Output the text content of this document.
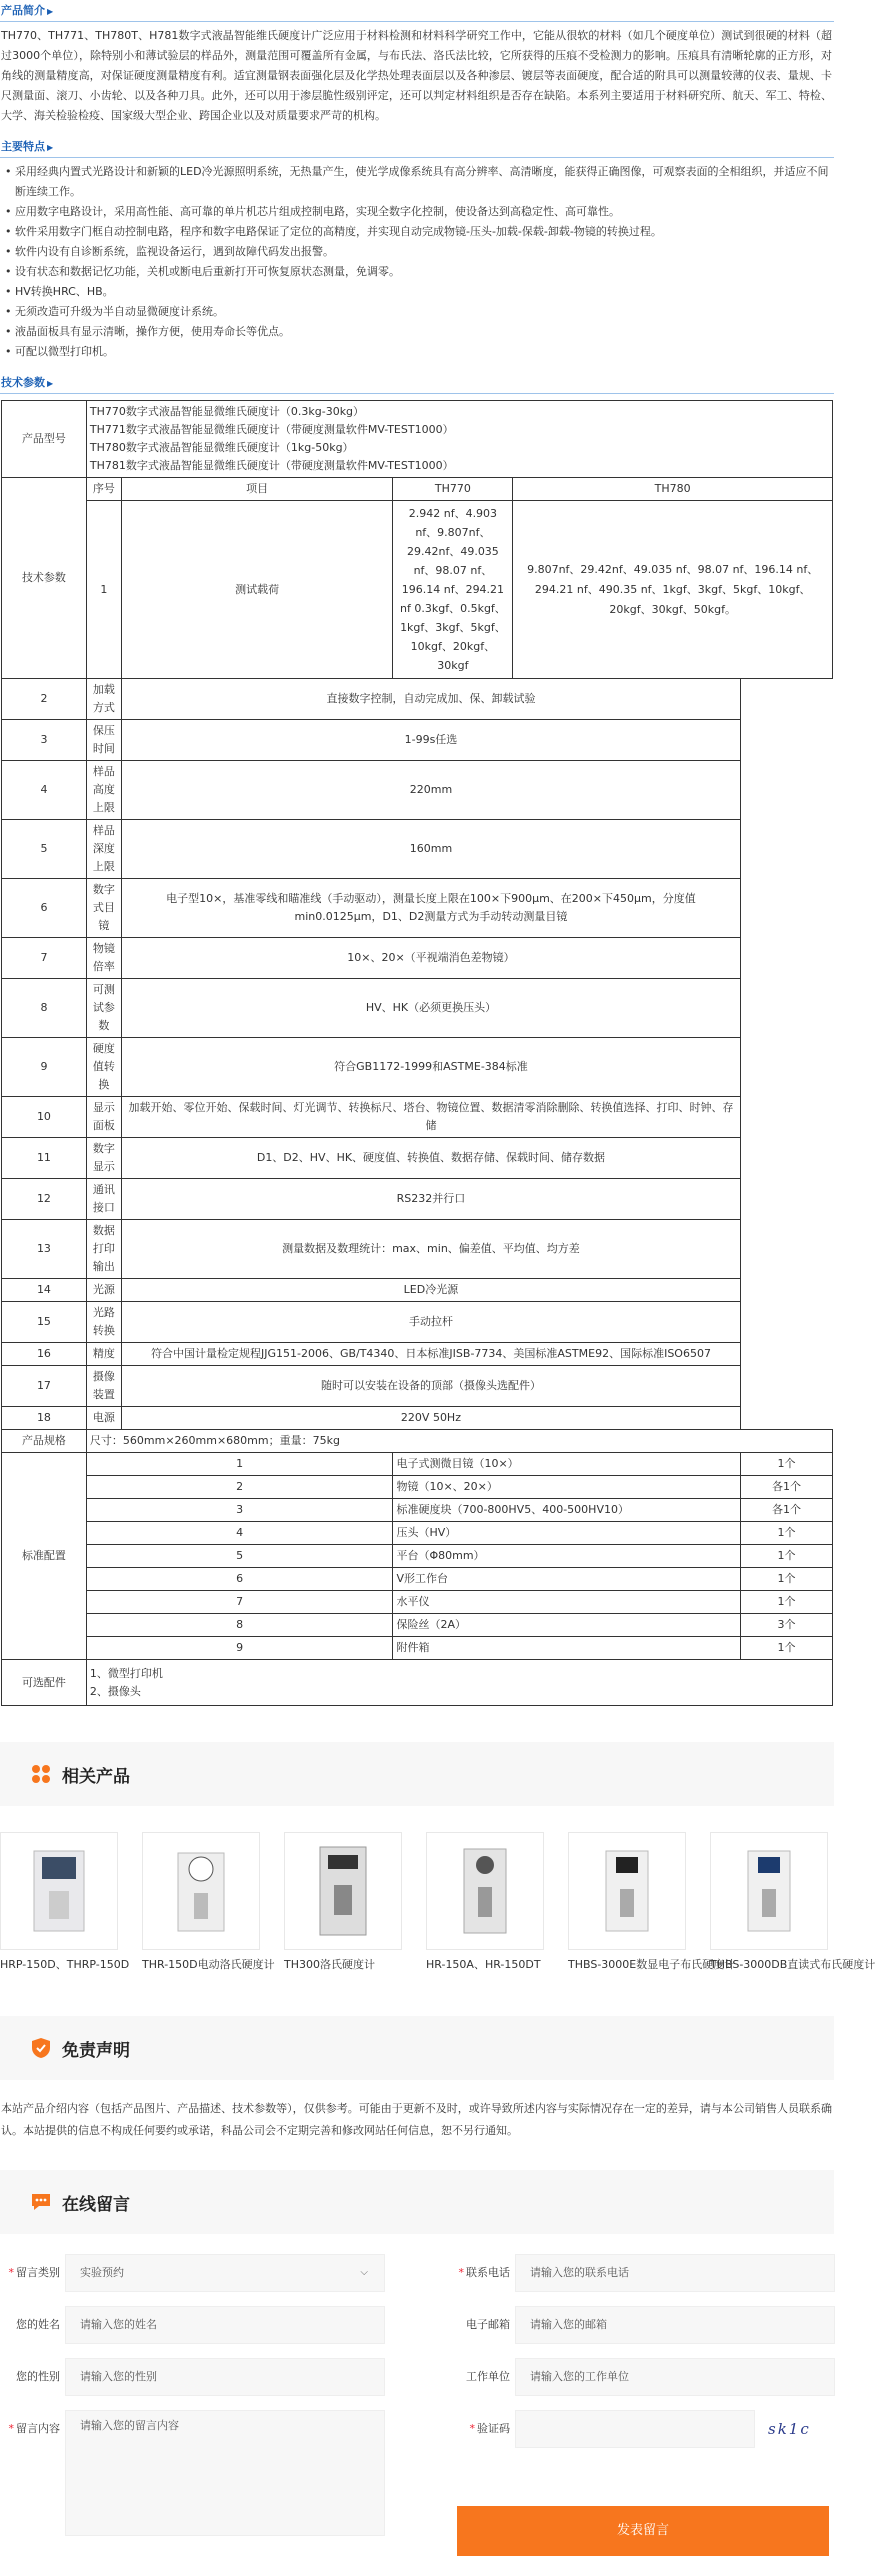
产品简介 ▶

TH770、TH771、TH780T、H781数字式液晶智能维氏硬度计广泛应用于材料检测和材料科学研究工作中，它能从很软的材料（如几个硬度单位）测试到很硬的材料（超过3000个单位），除特别小和薄试验层的样品外，测量范围可覆盖所有金属，与布氏法、洛氏法比较，它所获得的压痕不受检测力的影响。压痕具有清晰轮廓的正方形，对角线的测量精度高，对保证硬度测量精度有利。适宜测量钢表面强化层及化学热处理表面层以及各种渗层、镀层等表面硬度，配合适的附具可以测量较薄的仪表、量规、卡尺测量面、滚刀、小齿轮、以及各种刀具。此外，还可以用于渗层脆性级别评定，还可以判定材料组织是否存在缺陷。本系列主要适用于材料研究所、航天、军工、特检、大学、海关检验检疫、国家级大型企业、跨国企业以及对质量要求严苛的机构。

主要特点 ▶
• 采用经典内置式光路设计和新颖的LED冷光源照明系统，无热量产生，使光学成像系统具有高分辨率、高清晰度，能获得正确图像，可观察表面的全相组织，并适应不间断连续工作。
• 应用数字电路设计，采用高性能、高可靠的单片机芯片组成控制电路，实现全数字化控制，使设备达到高稳定性、高可靠性。
• 软件采用数字门框自动控制电路，程序和数字电路保证了定位的高精度，并实现自动完成物镜-压头-加载-保载-卸载-物镜的转换过程。
• 软件内设有自诊断系统，监视设备运行，遇到故障代码发出报警。
• 设有状态和数据记忆功能，关机或断电后重新打开可恢复原状态测量，免调零。
• HV转换HRC、HB。
• 无须改造可升级为半自动显微硬度计系统。
• 液晶面板具有显示清晰，操作方便，使用寿命长等优点。
• 可配以微型打印机。
技术参数 ▶
产品型号	TH770数字式液晶智能显微维氏硬度计（0.3kg-30kg）
TH771数字式液晶智能显微维氏硬度计（带硬度测量软件MV-TEST1000）
TH780数字式液晶智能显微维氏硬度计（1kg-50kg）
TH781数字式液晶智能显微维氏硬度计（带硬度测量软件MV-TEST1000）				

技术参数	序号	项目	TH770	TH780	
	1	测试载荷	2.942 nf、4.903 nf、9.807nf、29.42nf、49.035 nf、98.07 nf、196.14 nf、294.21 nf 0.3kgf、0.5kgf、1kgf、3kgf、5kgf、10kgf、20kgf、30kgf	9.807nf、29.42nf、49.035 nf、98.07 nf、196.14 nf、294.21 nf、490.35 nf、1kgf、3kgf、5kgf、10kgf、20kgf、30kgf、50kgf。	
2	加载方式	直接数字控制，自动完成加、保、卸载试验			
3	保压时间	1-99s任选			
4	样品高度上限	220mm			
5	样品深度上限	160mm			
6	数字式目镜	电子型10×，基准零线和瞄准线（手动驱动），测量长度上限在100×下900μm、在200×下450μm，分度值min0.0125μm，D1、D2测量方式为手动转动测量目镜			
7	物镜倍率	10×、20×（平视端消色差物镜）			
8	可测试参数	HV、HK（必须更换压头）			
9	硬度值转换	符合GB1172-1999和ASTME-384标准			
10	显示面板	加载开始、零位开始、保载时间、灯光调节、转换标尺、塔台、物镜位置、数据清零消除删除、转换值选择、打印、时钟、存储			
11	数字显示	D1、D2、HV、HK、硬度值、转换值、数据存储、保载时间、储存数据			
12	通讯接口	RS232并行口			
13	数据打印输出	测量数据及数理统计：max、min、偏差值、平均值、均方差			
14	光源	LED冷光源			
15	光路转换	手动拉杆			
16	精度	符合中国计量检定规程JJG151-2006、GB/T4340、日本标准JISB-7734、美国标准ASTME92、国际标准ISO6507			
17	摄像装置	随时可以安装在设备的顶部（摄像头选配件）			
18	电源	220V 50Hz			
产品规格	尺寸：560mm×260mm×680mm；重量：75kg				
标准配置	1		电子式测微目镜（10×）		1个
	2		物镜（10×、20×）		各1个
	3		标准硬度块（700-800HV5、400-500HV10）		各1个
	4		压头（HV）		1个
	5		平台（Φ80mm）		1个
	6		V形工作台		1个
	7		水平仪		1个
	8		保险丝（2A）		3个
	9		附件箱		1个
可选配件	1、微型打印机
2、摄像头				
相关产品
HRP-150D、THRP-150D THR-150D电动洛氏硬度计 TH300洛氏硬度计	HR-150A、HR-150DT	THBS-3000E数显电子布氏硬度计
THBS-3000DB直读式布氏硬度计
免责声明

本站产品介绍内容（包括产品图片、产品描述、技术参数等），仅供参考。可能由于更新不及时，或许导致所述内容与实际情况存在一定的差异，请与本公司销售人员联系确认。本站提供的信息不构成任何要约或承诺，科晶公司会不定期完善和修改网站任何信息，恕不另行通知。

在线留言
* 留言类别	实验预约	⌵
您的姓名	请输入您的姓名
您的性别	请输入您的性别
* 留言内容	请输入您的留言内容
* 联系电话	请输入您的联系电话
电子邮箱	请输入您的邮箱
工作单位	请输入您的工作单位
* 验证码	sk1c
发表留言
